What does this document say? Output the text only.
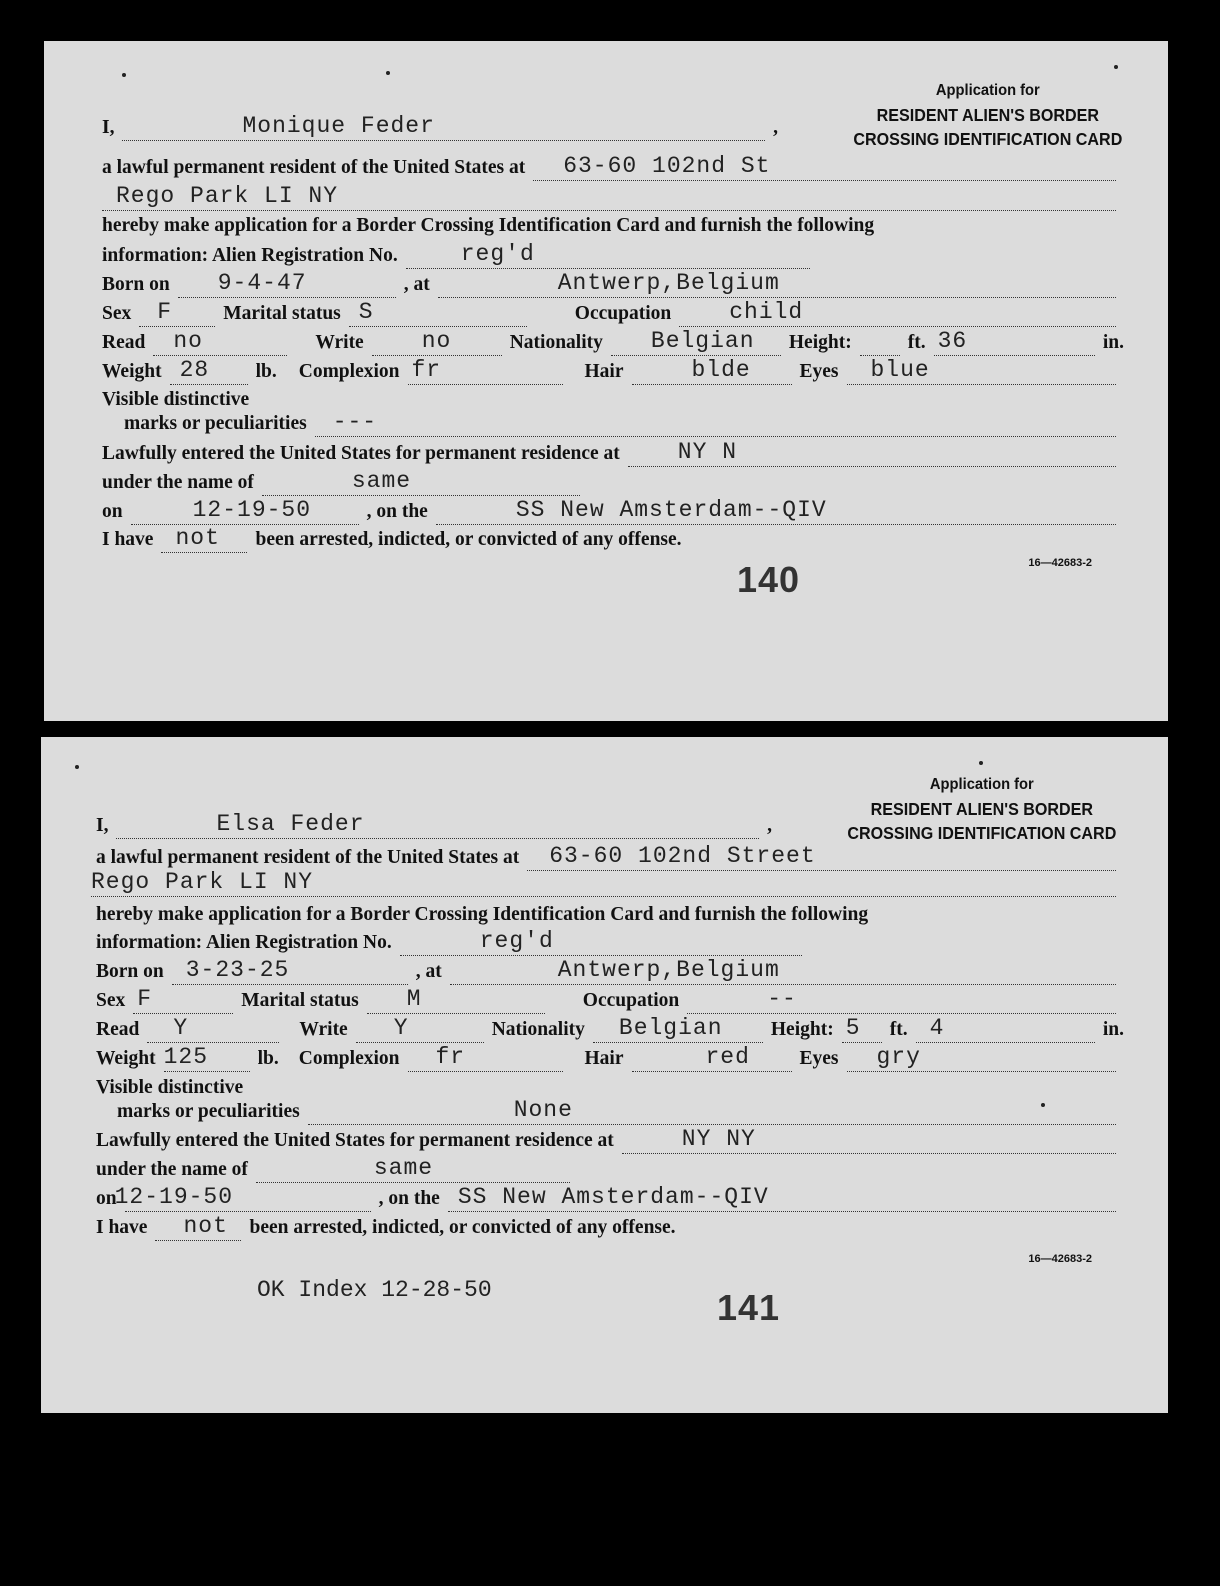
Application for
RESIDENT ALIEN'S BORDER
CROSSING IDENTIFICATION CARD
I,	Monique Feder	,
a lawful permanent resident of the United States at 63-60 102nd St
Rego Park LI NY
hereby make application for a Border Crossing Identification Card and furnish the following
information: Alien Registration No.	reg'd
Born on 9-4-47	, at	Antwerp,Belgium
Sex F	Marital status S	Occupation	child
Read no	Write	no	Nationality Belgian Height:	ft. 36	in.
Weight 28 lb. Complexion fr	Hair	blde	Eyes blue
Visible distinctive
marks or peculiarities ---
Lawfully entered the United States for permanent residence at	NY N
under the name of	same
on	12-19-50	, on the	SS New Amsterdam--QIV
I have not been arrested, indicted, or convicted of any offense.
16—42683-2
140
Application for
RESIDENT ALIEN'S BORDER
CROSSING IDENTIFICATION CARD
I,	Elsa Feder	,
a lawful permanent resident of the United States at 63-60 102nd Street
Rego Park LI NY
hereby make application for a Border Crossing Identification Card and furnish the following
information: Alien Registration No.	reg'd
Born on 3-23-25	, at	Antwerp,Belgium
Sex F	Marital status M	Occupation	--
Read Y	Write Y	Nationality Belgian Height: 5 ft. 4	in.
Weight 125	lb. Complexion fr	Hair	red	Eyes gry
Visible distinctive
marks or peculiarities	None
Lawfully entered the United States for permanent residence at	NY NY
under the name of	same
on
12-19-50	, on the SS New Amsterdam--QIV
I have not been arrested, indicted, or convicted of any offense.
16—42683-2
OK Index 12-28-50	141
